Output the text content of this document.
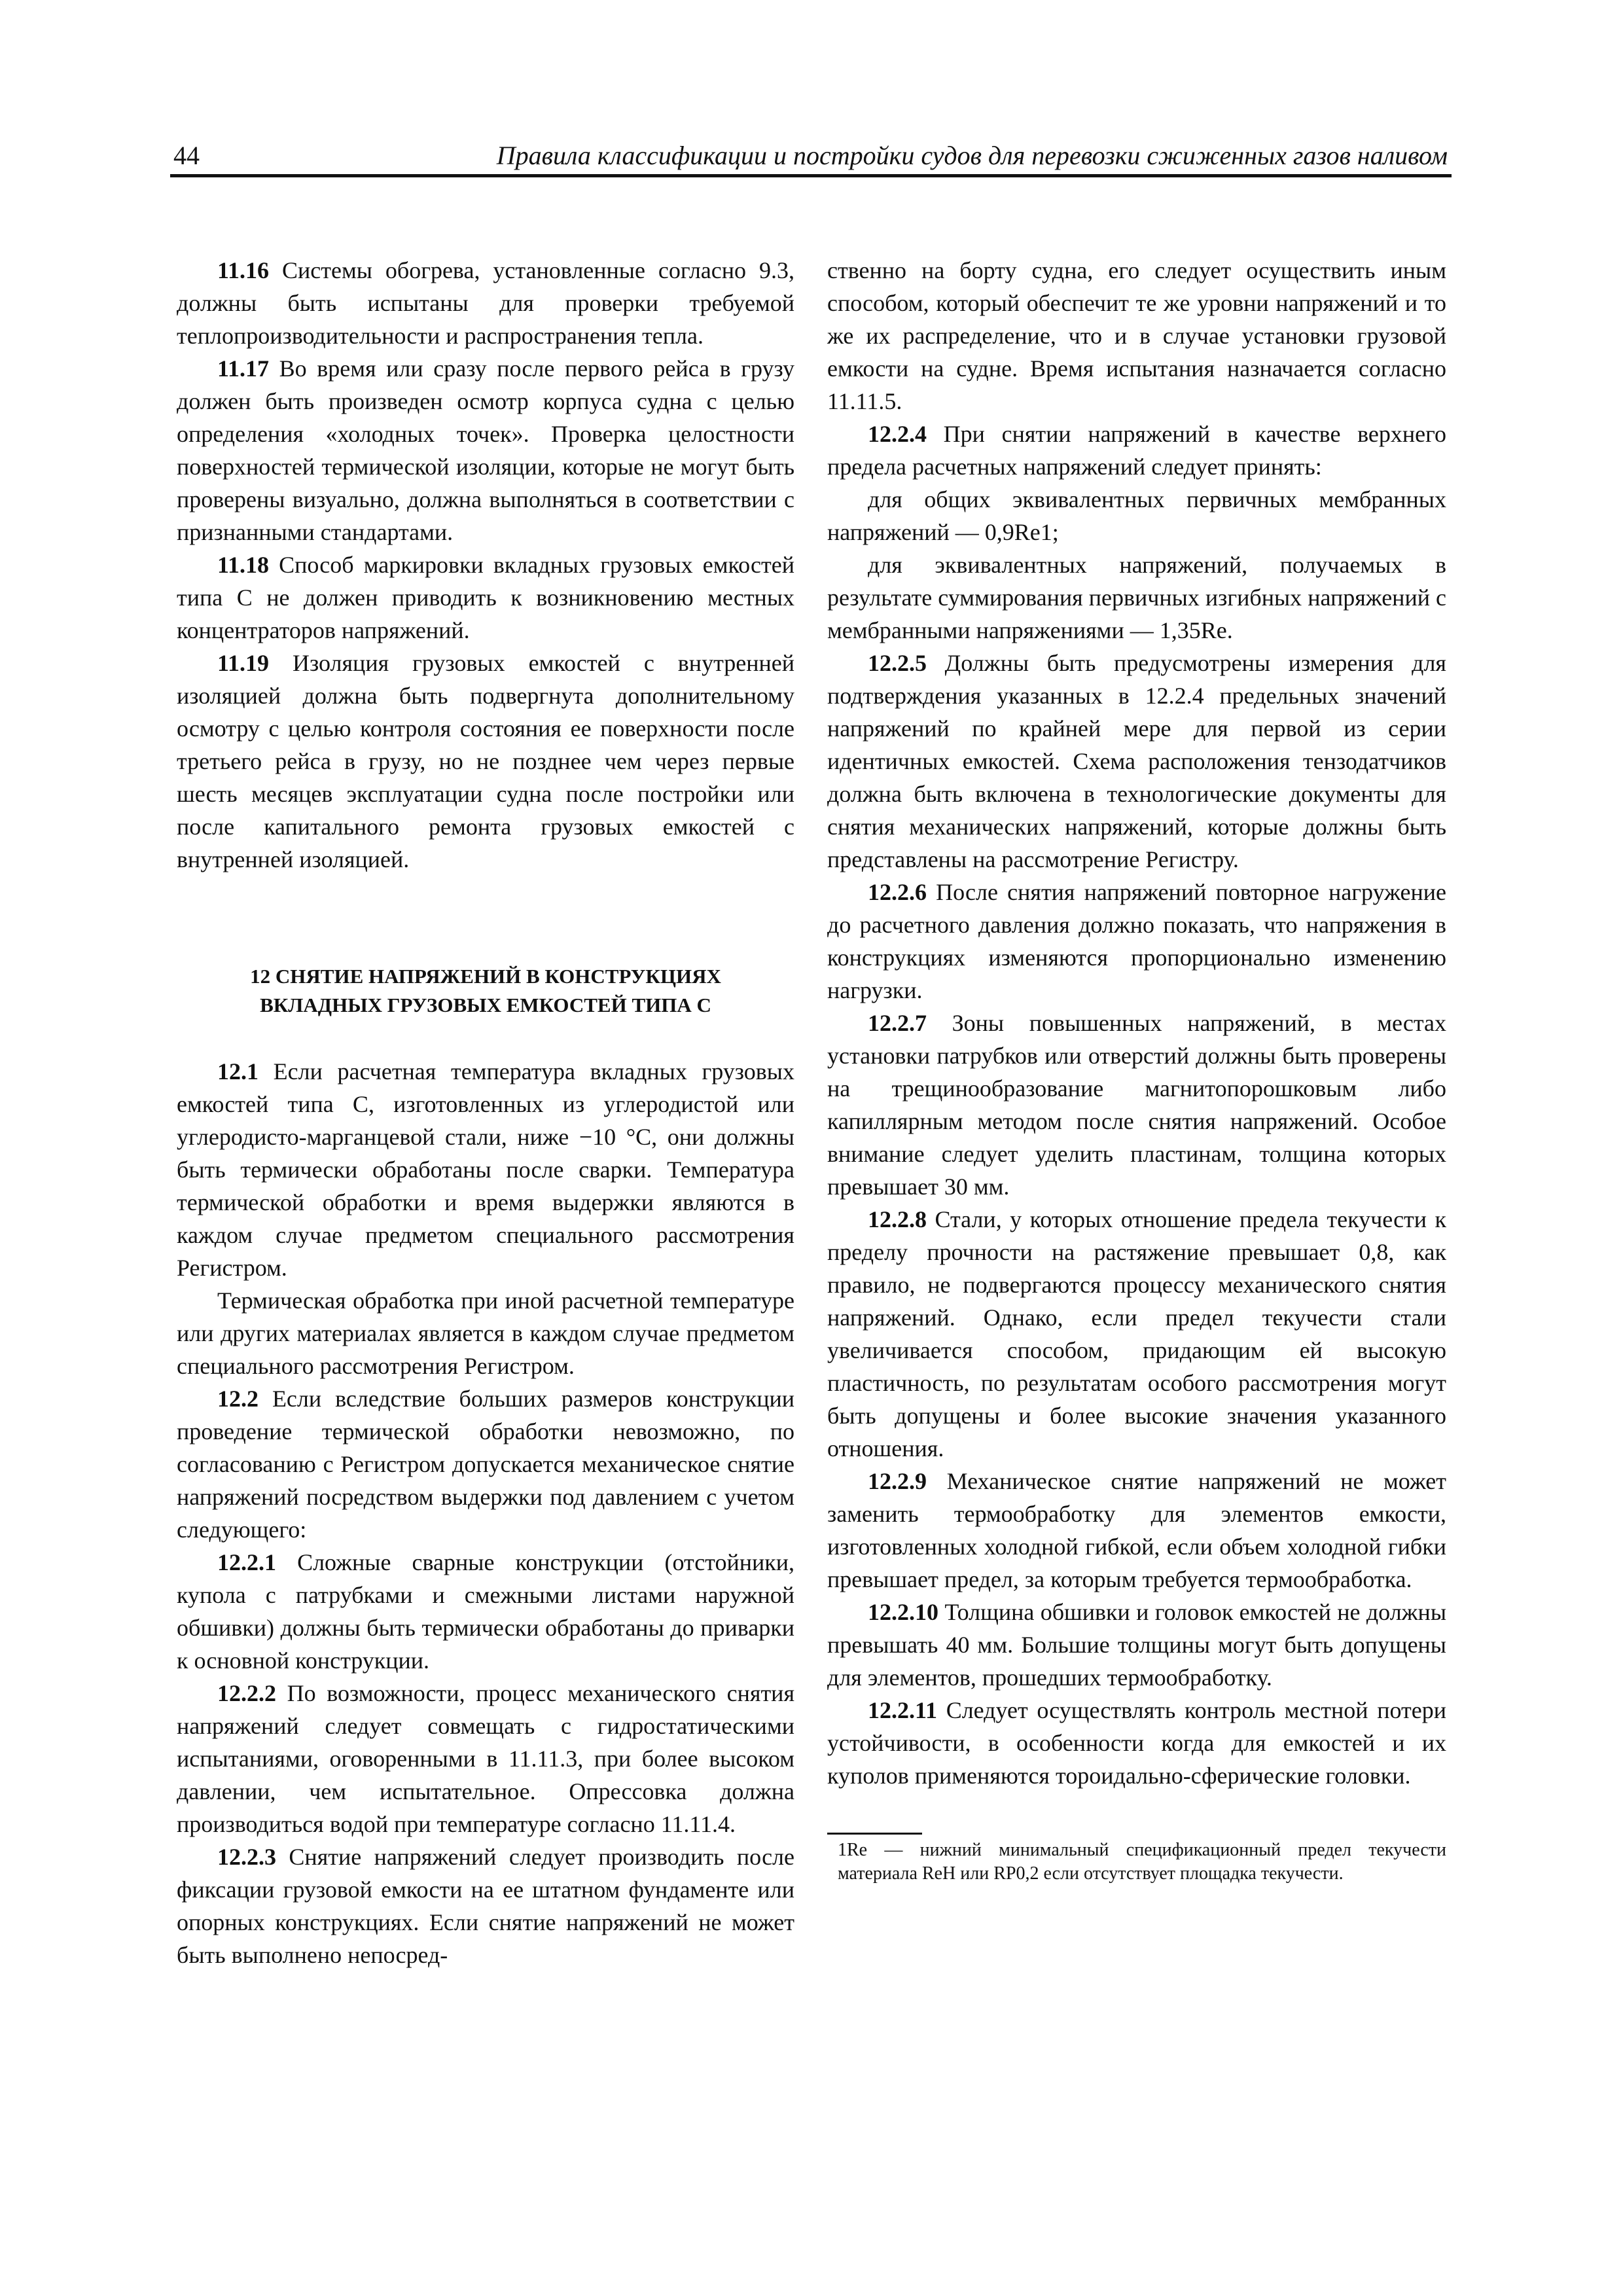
44	Правила классификации и постройки судов для перевозки сжиженных газов наливом

11.16 Системы обогрева, установленные согласно 9.3, должны быть испытаны для проверки требуемой теплопроизводительности и распространения тепла.

11.17 Во время или сразу после первого рейса в грузу должен быть произведен осмотр корпуса судна с целью определения «холодных точек». Проверка целостности поверхностей термической изоляции, которые не могут быть проверены визуально, должна выполняться в соответствии с признанными стандартами.

11.18 Способ маркировки вкладных грузовых емкостей типа С не должен приводить к возникновению местных концентраторов напряжений.

11.19 Изоляция грузовых емкостей с внутренней изоляцией должна быть подвергнута дополнительному осмотру с целью контроля состояния ее поверхности после третьего рейса в грузу, но не позднее чем через первые шесть месяцев эксплуатации судна после постройки или после капитального ремонта грузовых емкостей с внутренней изоляцией.

12 СНЯТИЕ НАПРЯЖЕНИЙ В КОНСТРУКЦИЯХ
ВКЛАДНЫХ ГРУЗОВЫХ ЕМКОСТЕЙ ТИПА С

12.1 Если расчетная температура вкладных грузовых емкостей типа С, изготовленных из углеродистой или углеродисто-марганцевой стали, ниже −10 °С, они должны быть термически обработаны после сварки. Температура термической обработки и время выдержки являются в каждом случае предметом специального рассмотрения Регистром.

Термическая обработка при иной расчетной температуре или других материалах является в каждом случае предметом специального рассмотрения Регистром.

12.2 Если вследствие больших размеров конструкции проведение термической обработки невозможно, по согласованию с Регистром допускается механическое снятие напряжений посредством выдержки под давлением с учетом следующего:

12.2.1 Сложные сварные конструкции (отстойники, купола с патрубками и смежными листами наружной обшивки) должны быть термически обработаны до приварки к основной конструкции.

12.2.2 По возможности, процесс механического снятия напряжений следует совмещать с гидростатическими испытаниями, оговоренными в 11.11.3, при более высоком давлении, чем испытательное. Опрессовка должна производиться водой при температуре согласно 11.11.4.

12.2.3 Снятие напряжений следует производить после фиксации грузовой емкости на ее штатном фундаменте или опорных конструкциях. Если снятие напряжений не может быть выполнено непосред-

ственно на борту судна, его следует осуществить иным способом, который обеспечит те же уровни напряжений и то же их распределение, что и в случае установки грузовой емкости на судне. Время испытания назначается согласно 11.11.5.

12.2.4 При снятии напряжений в качестве верхнего предела расчетных напряжений следует принять:

для общих эквивалентных первичных мембранных напряжений — 0,9Re1;

для эквивалентных напряжений, получаемых в результате суммирования первичных изгибных напряжений с мембранными напряжениями — 1,35Re.

12.2.5 Должны быть предусмотрены измерения для подтверждения указанных в 12.2.4 предельных значений напряжений по крайней мере для первой из серии идентичных емкостей. Схема расположения тензодатчиков должна быть включена в технологические документы для снятия механических напряжений, которые должны быть представлены на рассмотрение Регистру.

12.2.6 После снятия напряжений повторное нагружение до расчетного давления должно показать, что напряжения в конструкциях изменяются пропорционально изменению нагрузки.

12.2.7 Зоны повышенных напряжений, в местах установки патрубков или отверстий должны быть проверены на трещинообразование магнитопорошковым либо капиллярным методом после снятия напряжений. Особое внимание следует уделить пластинам, толщина которых превышает 30 мм.

12.2.8 Стали, у которых отношение предела текучести к пределу прочности на растяжение превышает 0,8, как правило, не подвергаются процессу механического снятия напряжений. Однако, если предел текучести стали увеличивается способом, придающим ей высокую пластичность, по результатам особого рассмотрения могут быть допущены и более высокие значения указанного отношения.

12.2.9 Механическое снятие напряжений не может заменить термообработку для элементов емкости, изготовленных холодной гибкой, если объем холодной гибки превышает предел, за которым требуется термообработка.

12.2.10 Толщина обшивки и головок емкостей не должны превышать 40 мм. Большие толщины могут быть допущены для элементов, прошедших термообработку.

12.2.11 Следует осуществлять контроль местной потери устойчивости, в особенности когда для емкостей и их куполов применяются тороидально-сферические головки.

1Re — нижний минимальный спецификационный предел текучести материала ReH или RP0,2 если отсутствует площадка текучести.
